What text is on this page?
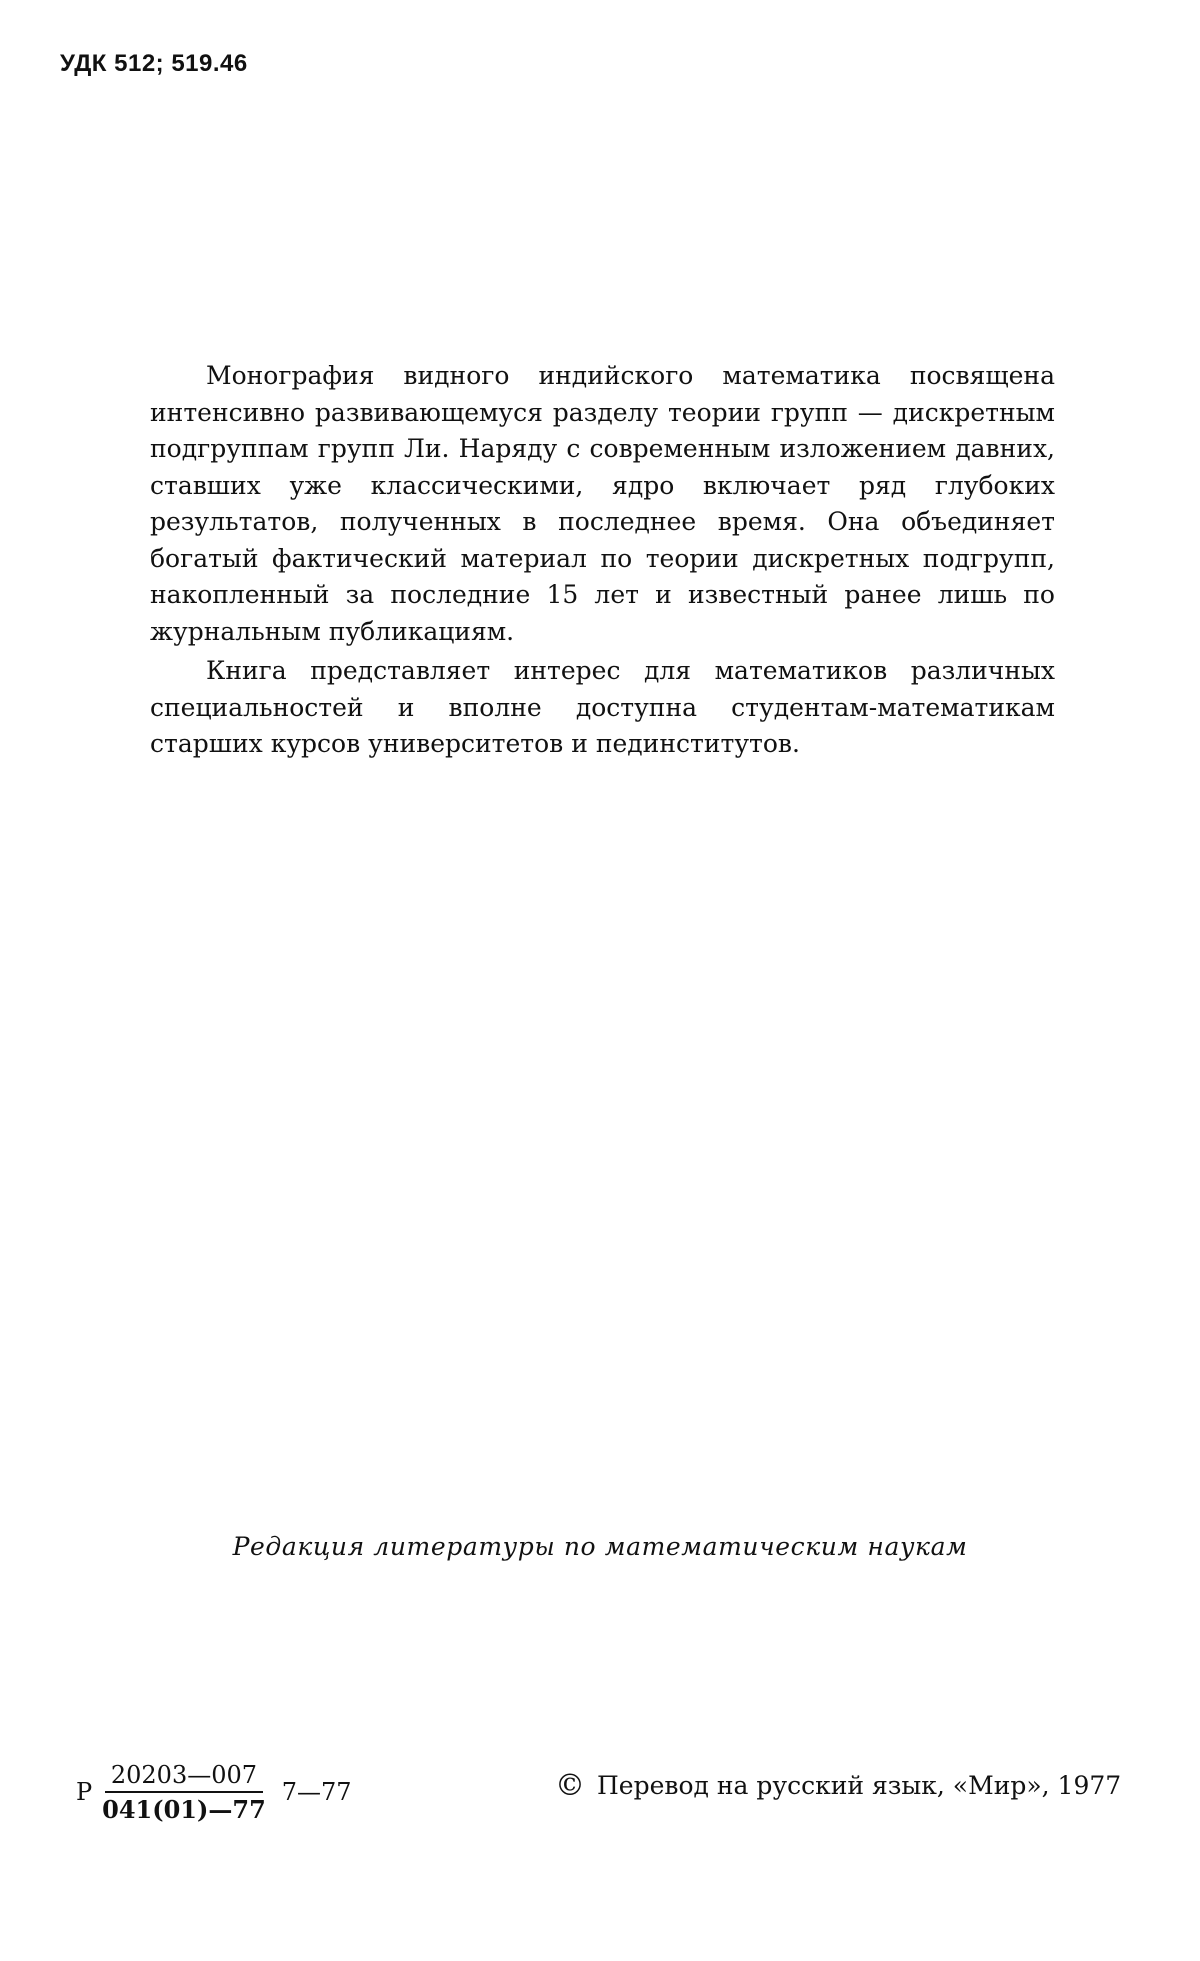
УДК 512; 519.46

Монография видного индийского математика посвящена интенсивно развивающемуся разделу теории групп — дискретным подгруппам групп Ли. Наряду с современным изложением давних, ставших уже классическими, ядро включает ряд глубоких результатов, полученных в последнее время. Она объединяет богатый фактический материал по теории дискретных подгрупп, накопленный за последние 15 лет и известный ранее лишь по журнальным публикациям.

Книга представляет интерес для математиков различных специальностей и вполне доступна студентам-математикам старших курсов университетов и пединститутов.

Редакция литературы по математическим наукам
Р $\frac{20203—007}{041(01)—77}$ 7—77	© Перевод на русский язык, «Мир», 1977
